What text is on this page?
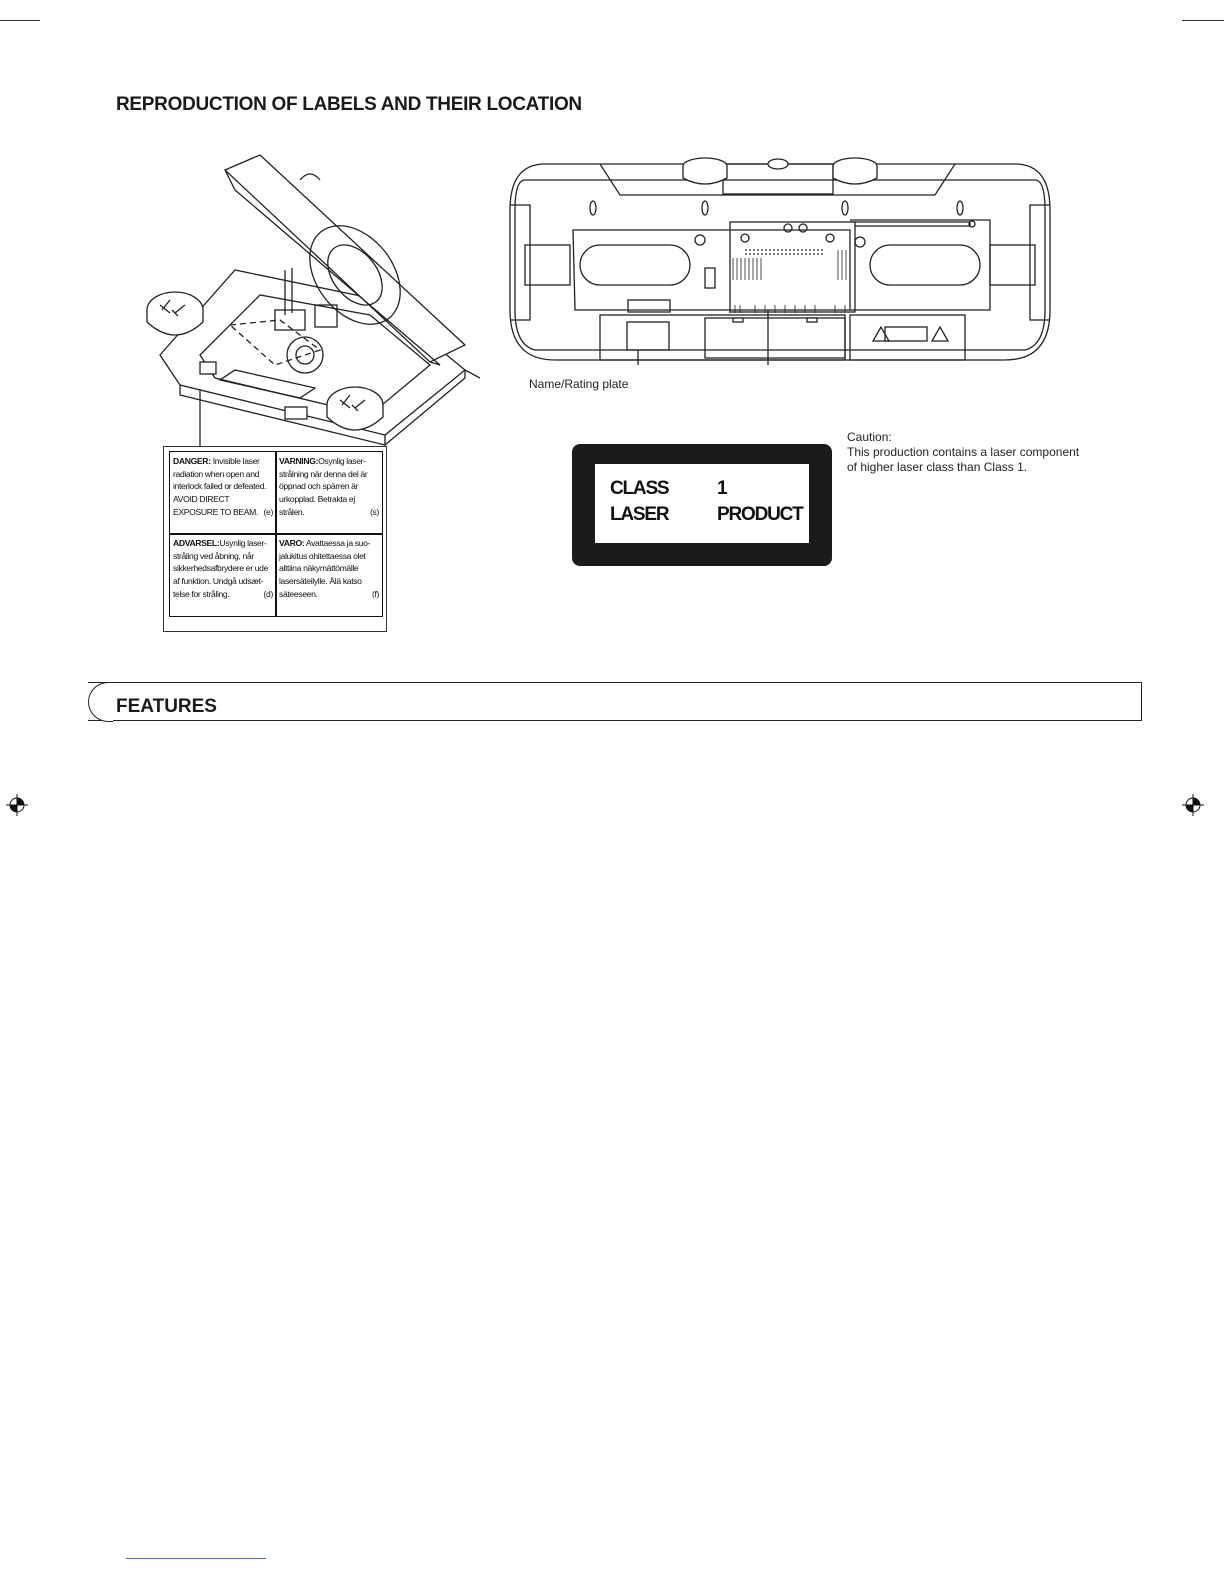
REPRODUCTION OF LABELS AND THEIR LOCATION
DANGER: Invisible laser radiation when open and interlock failed or defeated. AVOID DIRECT EXPOSURE TO BEAM. (e)
VARNING:Osynlig laser-strålning när denna del är öppnad och spärren är urkopplad. Betrakta ej strålen.	(s)
ADVARSEL:Usynlig laser-stråling ved åbning, når sikkerhedsafbrydere er ude af funktion. Undgå udsæt-telse for stråling.	(d)
VARO: Avattaessa ja suo-jalukitus ohitettaessa olet alttiina näkymättömälle lasersäteilylle. Älä katso säteeseen.	(f)
Name/Rating plate
CLASS	1
LASER	PRODUCT
Caution:
This production contains a laser component
of higher laser class than Class 1.
FEATURES
